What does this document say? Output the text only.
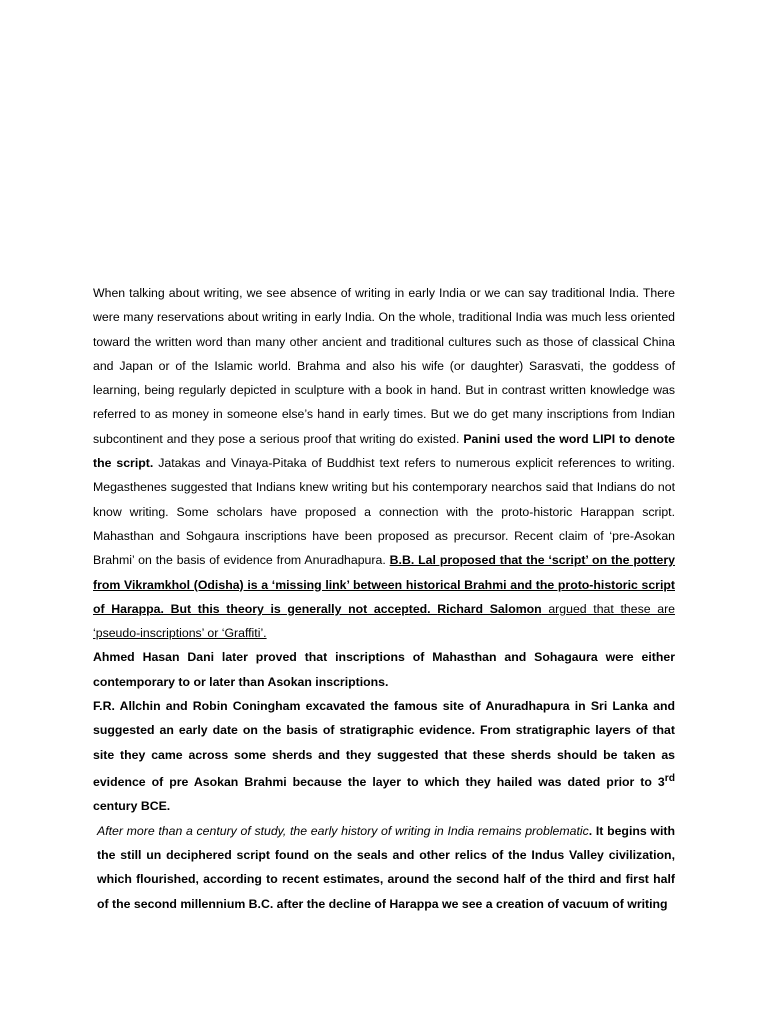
When talking about writing, we see absence of writing in early India or we can say traditional India. There were many reservations about writing in early India. On the whole, traditional India was much less oriented toward the written word than many other ancient and traditional cultures such as those of classical China and Japan or of the Islamic world. Brahma and also his wife (or daughter) Sarasvati, the goddess of learning, being regularly depicted in sculpture with a book in hand. But in contrast written knowledge was referred to as money in someone else’s hand in early times. But we do get many inscriptions from Indian subcontinent and they pose a serious proof that writing do existed. Panini used the word LIPI to denote the script. Jatakas and Vinaya-Pitaka of Buddhist text refers to numerous explicit references to writing. Megasthenes suggested that Indians knew writing but his contemporary nearchos said that Indians do not know writing. Some scholars have proposed a connection with the proto-historic Harappan script. Mahasthan and Sohgaura inscriptions have been proposed as precursor. Recent claim of ‘pre-Asokan Brahmi’ on the basis of evidence from Anuradhapura. B.B. Lal proposed that the ‘script’ on the pottery from Vikramkhol (Odisha) is a ‘missing link’ between historical Brahmi and the proto-historic script of Harappa. But this theory is generally not accepted. Richard Salomon argued that these are ‘pseudo-inscriptions’ or ‘Graffiti’.

Ahmed Hasan Dani later proved that inscriptions of Mahasthan and Sohagaura were either contemporary to or later than Asokan inscriptions.

F.R. Allchin and Robin Coningham excavated the famous site of Anuradhapura in Sri Lanka and suggested an early date on the basis of stratigraphic evidence. From stratigraphic layers of that site they came across some sherds and they suggested that these sherds should be taken as evidence of pre Asokan Brahmi because the layer to which they hailed was dated prior to 3rd century BCE.

After more than a century of study, the early history of writing in India remains problematic. It begins with the still un deciphered script found on the seals and other relics of the Indus Valley civilization, which flourished, according to recent estimates, around the second half of the third and first half of the second millennium B.C. after the decline of Harappa we see a creation of vacuum of writing
